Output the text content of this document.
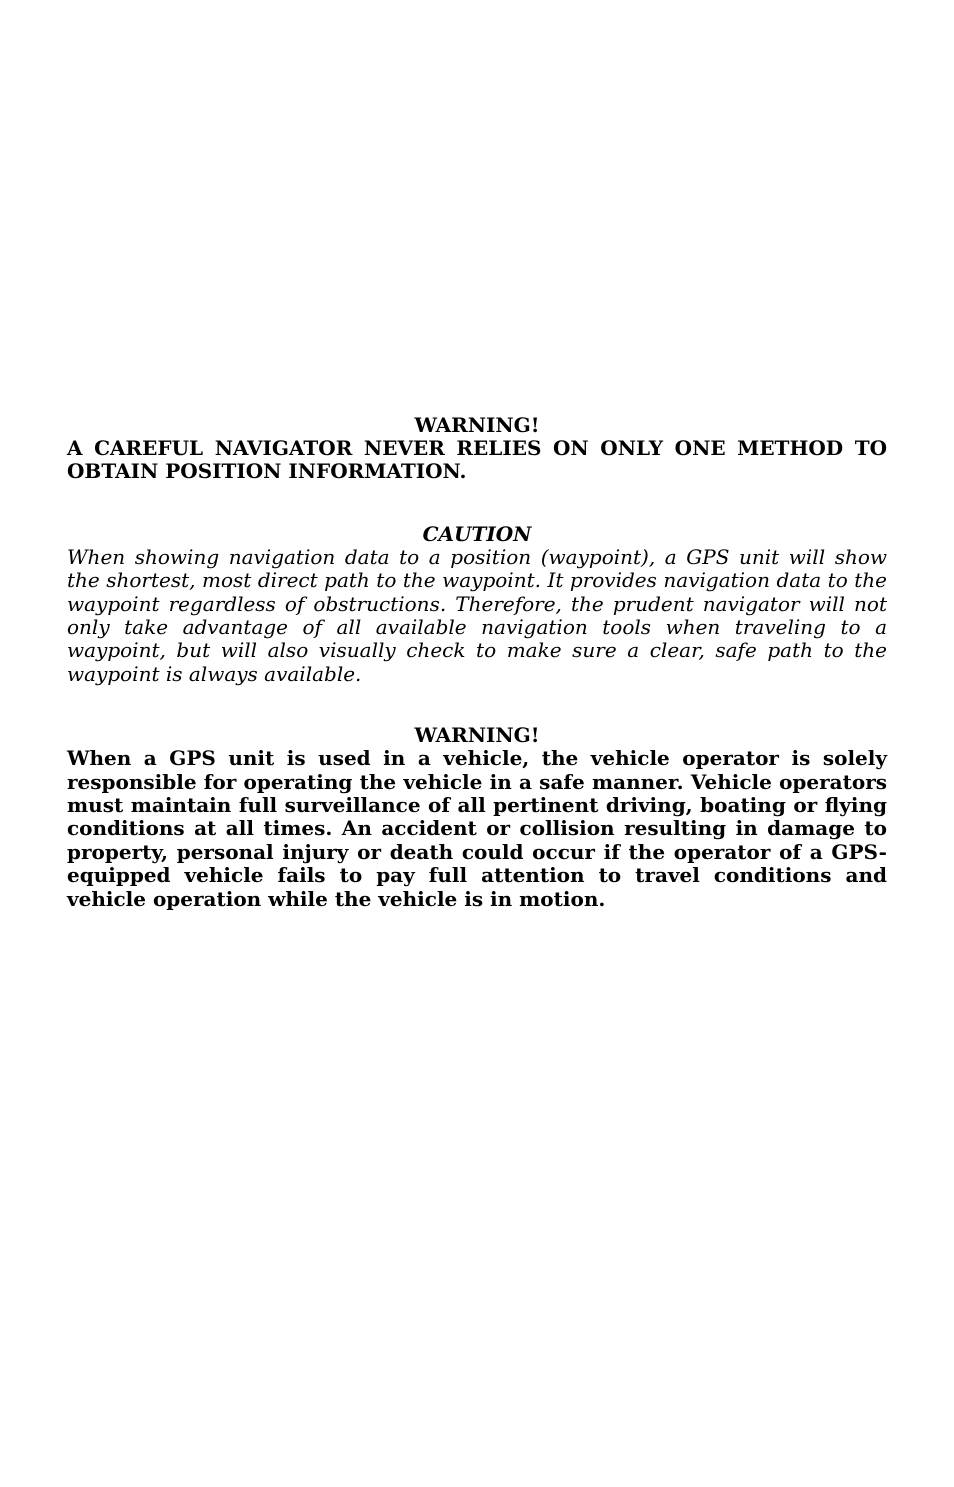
WARNING!

A CAREFUL NAVIGATOR NEVER RELIES ON ONLY ONE METHOD TO OBTAIN POSITION INFORMATION.

CAUTION

When showing navigation data to a position (waypoint), a GPS unit will show the shortest, most direct path to the waypoint. It provides navigation data to the waypoint regardless of obstructions. Therefore, the prudent navigator will not only take advantage of all available navigation tools when traveling to a waypoint, but will also visually check to make sure a clear, safe path to the waypoint is always available.

WARNING!

When a GPS unit is used in a vehicle, the vehicle operator is solely responsible for operating the vehicle in a safe manner. Vehicle operators must maintain full surveillance of all pertinent driving, boating or flying conditions at all times. An accident or collision resulting in damage to property, personal injury or death could occur if the operator of a GPS-equipped vehicle fails to pay full attention to travel conditions and vehicle operation while the vehicle is in motion.
